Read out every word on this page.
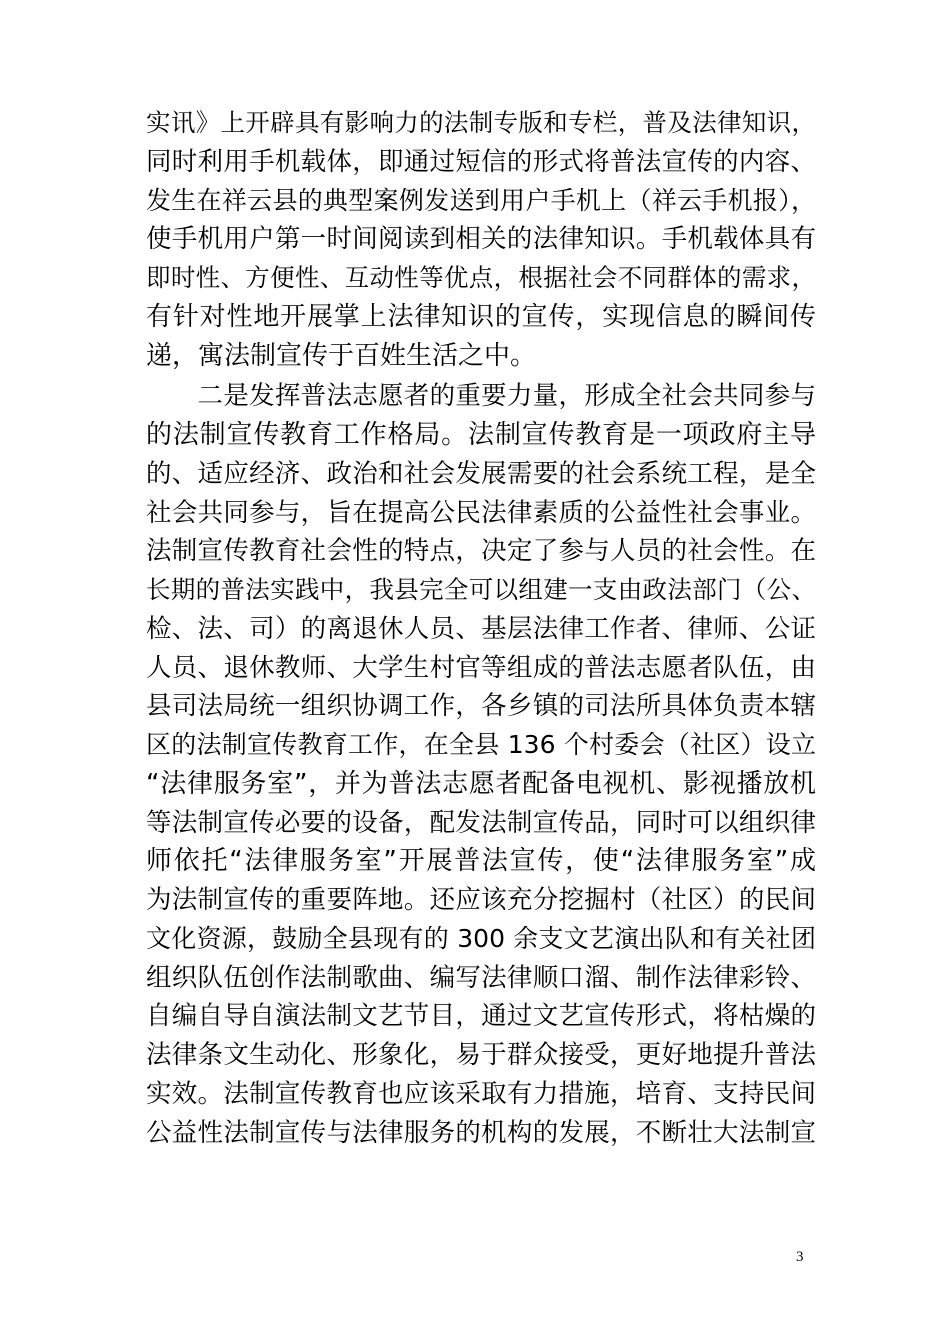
实讯》上开辟具有影响力的法制专版和专栏，普及法律知识，
同时利用手机载体，即通过短信的形式将普法宣传的内容、
发生在祥云县的典型案例发送到用户手机上（祥云手机报），
使手机用户第一时间阅读到相关的法律知识。手机载体具有
即时性、方便性、互动性等优点，根据社会不同群体的需求，
有针对性地开展掌上法律知识的宣传，实现信息的瞬间传
递，寓法制宣传于百姓生活之中。
　　二是发挥普法志愿者的重要力量，形成全社会共同参与
的法制宣传教育工作格局。法制宣传教育是一项政府主导
的、适应经济、政治和社会发展需要的社会系统工程，是全
社会共同参与，旨在提高公民法律素质的公益性社会事业。
法制宣传教育社会性的特点，决定了参与人员的社会性。在
长期的普法实践中，我县完全可以组建一支由政法部门（公、
检、法、司）的离退休人员、基层法律工作者、律师、公证
人员、退休教师、大学生村官等组成的普法志愿者队伍，由
县司法局统一组织协调工作，各乡镇的司法所具体负责本辖
区的法制宣传教育工作，在全县 136 个村委会（社区）设立
“法律服务室”，并为普法志愿者配备电视机、影视播放机
等法制宣传必要的设备，配发法制宣传品，同时可以组织律
师依托“法律服务室”开展普法宣传，使“法律服务室”成
为法制宣传的重要阵地。还应该充分挖掘村（社区）的民间
文化资源，鼓励全县现有的 300 余支文艺演出队和有关社团
组织队伍创作法制歌曲、编写法律顺口溜、制作法律彩铃、
自编自导自演法制文艺节目，通过文艺宣传形式，将枯燥的
法律条文生动化、形象化，易于群众接受，更好地提升普法
实效。法制宣传教育也应该采取有力措施，培育、支持民间
公益性法制宣传与法律服务的机构的发展，不断壮大法制宣
3
